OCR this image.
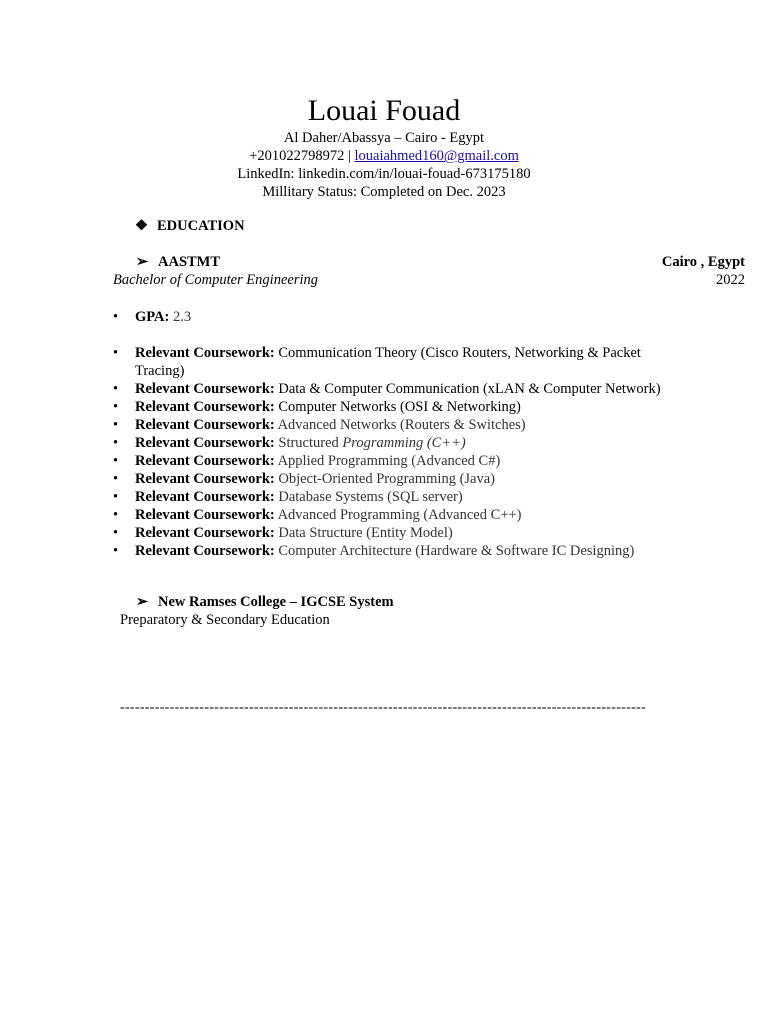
Louai Fouad
Al Daher/Abassya – Cairo - Egypt
+201022798972 | louaiahmed160@gmail.com
LinkedIn: linkedin.com/in/louai-fouad-673175180
Millitary Status: Completed on Dec. 2023
❖ EDUCATION
➢ AASTMT	Cairo , Egypt
Bachelor of Computer Engineering	2022
• GPA: 2.3
• Relevant Coursework: Communication Theory (Cisco Routers, Networking & Packet Tracing)
• Relevant Coursework: Data & Computer Communication (xLAN & Computer Network)
• Relevant Coursework: Computer Networks (OSI & Networking)
• Relevant Coursework: Advanced Networks (Routers & Switches)
• Relevant Coursework: Structured Programming (C++)
• Relevant Coursework: Applied Programming (Advanced C#)
• Relevant Coursework: Object-Oriented Programming (Java)
• Relevant Coursework: Database Systems (SQL server)
• Relevant Coursework: Advanced Programming (Advanced C++)
• Relevant Coursework: Data Structure (Entity Model)
• Relevant Coursework: Computer Architecture (Hardware & Software IC Designing)
➢ New Ramses College – IGCSE System
Preparatory & Secondary Education
----------------------------------------------------------------------------------------------------------
